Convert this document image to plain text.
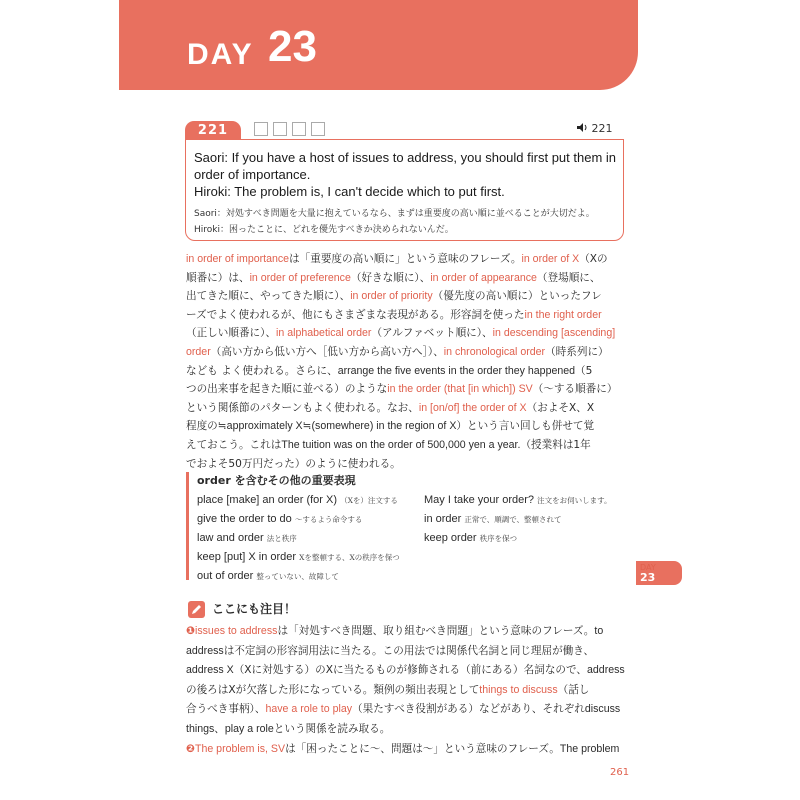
DAY 23
221	221
Saori: If you have a host of issues to address, you should first put them in
order of importance.
Hiroki: The problem is, I can't decide which to put first.
Saori：対処すべき問題を大量に抱えているなら、まずは重要度の高い順に並べることが大切だよ。
Hiroki：困ったことに、どれを優先すべきか決められないんだ。
in order of importanceは「重要度の高い順に」という意味のフレーズ。in order of X（Xの
順番に）は、in order of preference（好きな順に）、in order of appearance（登場順に、
出てきた順に、やってきた順に）、in order of priority（優先度の高い順に）といったフレ
ーズでよく使われるが、他にもさまざまな表現がある。形容詞を使ったin the right order
（正しい順番に）、in alphabetical order（アルファベット順に）、in descending [ascending]
order（高い方から低い方へ［低い方から高い方へ］）、in chronological order（時系列に）
なども よく使われる。さらに、arrange the five events in the order they happened（5
つの出来事を起きた順に並べる）のようなin the order (that [in which]) SV（〜する順番に）
という関係節のパターンもよく使われる。なお、in [on/of] the order of X（およそX、X
程度の≒approximately X≒(somewhere) in the region of X）という言い回しも併せて覚
えておこう。これはThe tuition was on the order of 500,000 yen a year.（授業料は1年
でおよそ50万円だった）のように使われる。
order を含むその他の重要表現
place [make] an order (for X) （Xを）注文する
give the order to do 〜するよう命令する
law and order 法と秩序
keep [put] X in order Xを整頓する、Xの秩序を保つ
out of order 整っていない、故障して
May I take your order? 注文をお伺いします。
in order 正常で、順調で、整頓されて
keep order 秩序を保つ
DAY
23
ここにも注目！
❶issues to addressは「対処すべき問題、取り組むべき問題」という意味のフレーズ。to
addressは不定詞の形容詞用法に当たる。この用法では関係代名詞と同じ理屈が働き、
address X（Xに対処する）のXに当たるものが修飾される（前にある）名詞なので、address
の後ろはXが欠落した形になっている。類例の頻出表現としてthings to discuss（話し
合うべき事柄）、have a role to play（果たすべき役割がある）などがあり、それぞれdiscuss
things、play a roleという関係を読み取る。
❷The problem is, SVは「困ったことに〜、問題は〜」という意味のフレーズ。The problem
261
